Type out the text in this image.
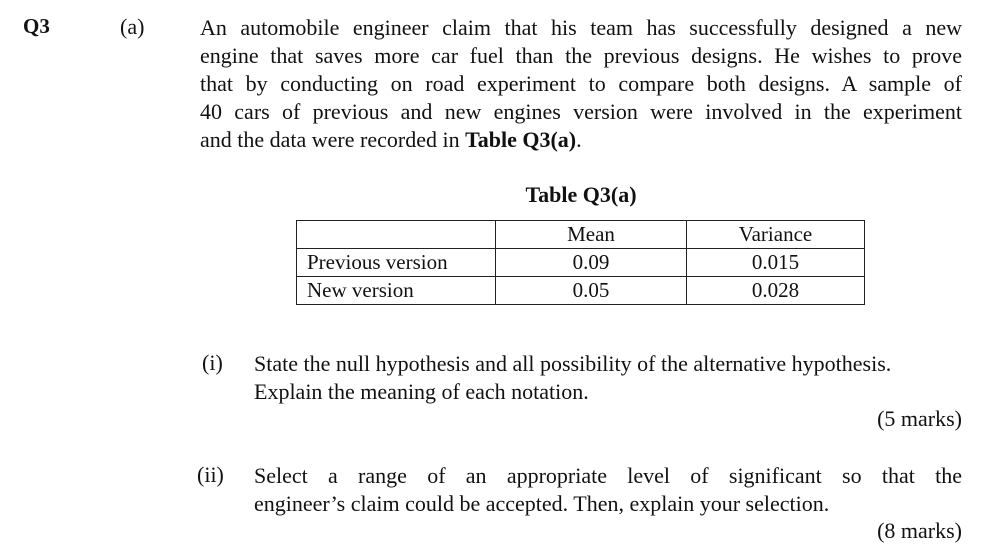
Q3	(a)	An automobile engineer claim that his team has successfully designed a new
engine that saves more car fuel than the previous designs. He wishes to prove
that by conducting on road experiment to compare both designs. A sample of
40 cars of previous and new engines version were involved in the experiment
and the data were recorded in Table Q3(a).
Table Q3(a)
	Mean	Variance
Previous version	0.09	0.015
New version	0.05	0.028
(i) State the null hypothesis and all possibility of the alternative hypothesis.
Explain the meaning of each notation.
(5 marks)
(ii) Select a range of an appropriate level of significant so that the
engineer’s claim could be accepted. Then, explain your selection.
(8 marks)
